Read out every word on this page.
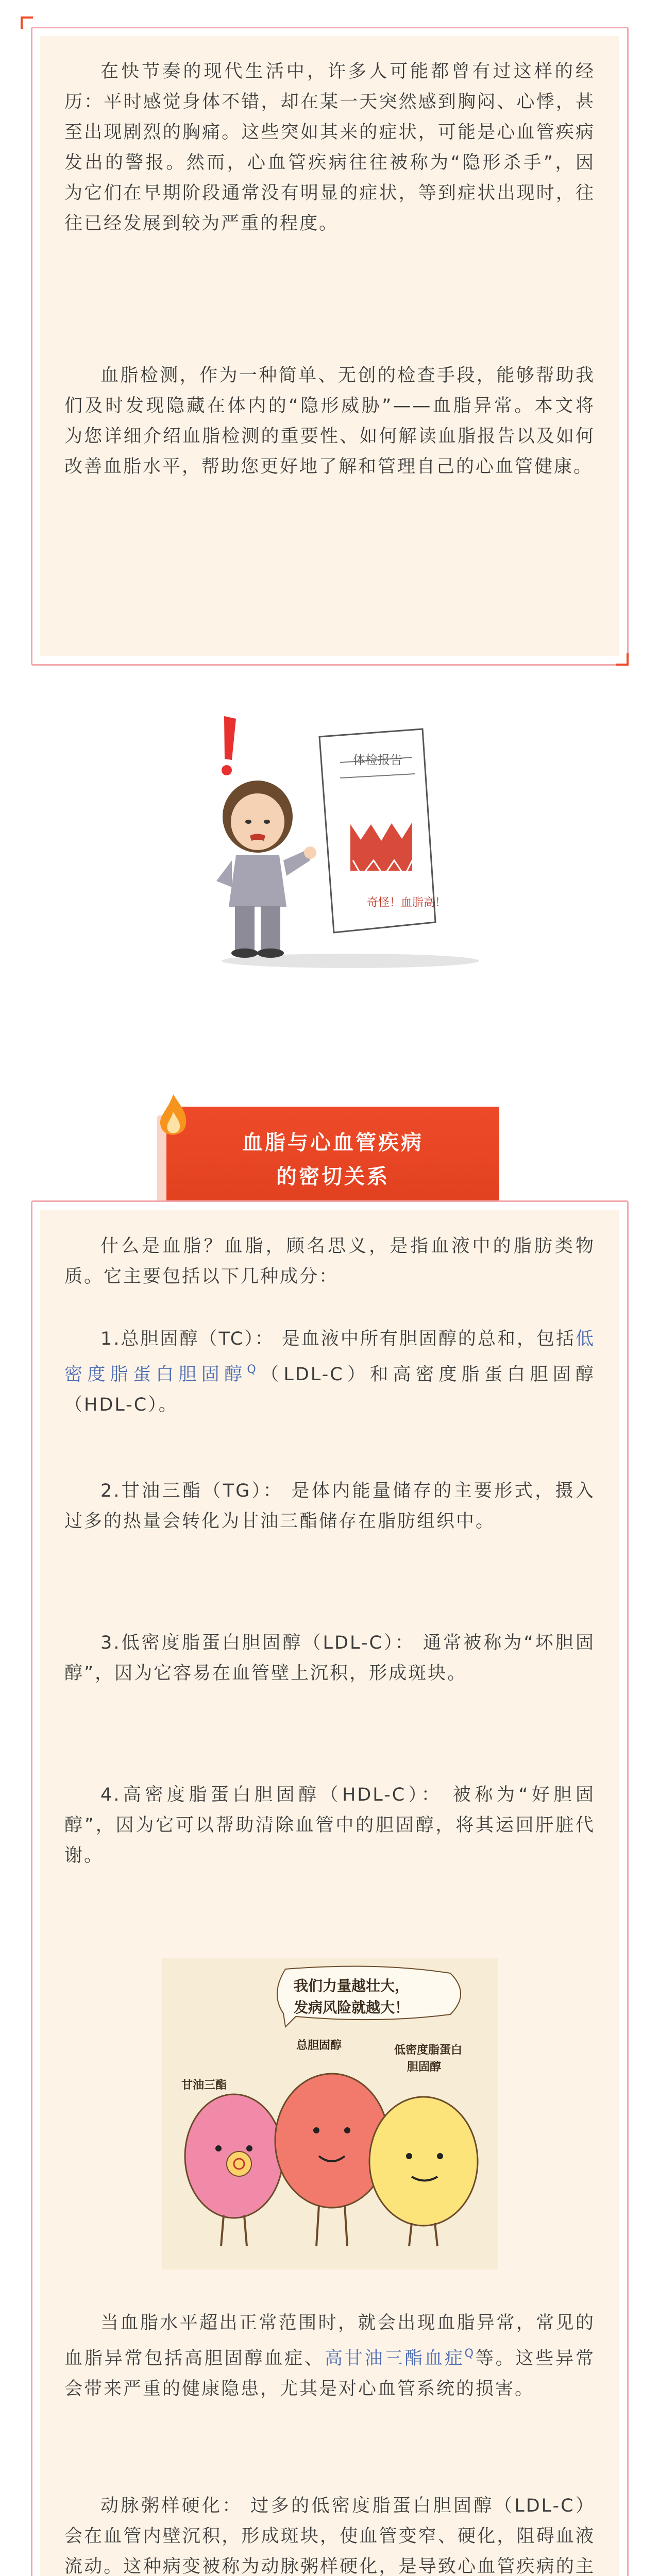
在快节奏的现代生活中，许多人可能都曾有过这样的经历：平时感觉身体不错，却在某一天突然感到胸闷、心悸，甚至出现剧烈的胸痛。这些突如其来的症状，可能是心血管疾病发出的警报。然而，心血管疾病往往被称为“隐形杀手”，因为它们在早期阶段通常没有明显的症状，等到症状出现时，往往已经发展到较为严重的程度。

血脂检测，作为一种简单、无创的检查手段，能够帮助我们及时发现隐藏在体内的“隐形威胁”——血脂异常。本文将为您详细介绍血脂检测的重要性、如何解读血脂报告以及如何改善血脂水平，帮助您更好地了解和管理自己的心血管健康。

体检报告
奇怪！血脂高！
血脂与心血管疾病
的密切关系

什么是血脂？血脂，顾名思义，是指血液中的脂肪类物质。它主要包括以下几种成分：

1.总胆固醇（TC）： 是血液中所有胆固醇的总和，包括低密度脂蛋白胆固醇$^Q$（LDL-C）和高密度脂蛋白胆固醇（HDL-C）。

2.甘油三酯（TG）： 是体内能量储存的主要形式，摄入过多的热量会转化为甘油三酯储存在脂肪组织中。

3.低密度脂蛋白胆固醇（LDL-C）： 通常被称为“坏胆固醇”，因为它容易在血管壁上沉积，形成斑块。

4.高密度脂蛋白胆固醇（HDL-C）： 被称为“好胆固醇”，因为它可以帮助清除血管中的胆固醇，将其运回肝脏代谢。

我们力量越壮大，
发病风险就越大！
甘油三酯
总胆固醇	低密度脂蛋白
胆固醇

当血脂水平超出正常范围时，就会出现血脂异常，常见的血脂异常包括高胆固醇血症、高甘油三酯血症$^Q$等。这些异常会带来严重的健康隐患，尤其是对心血管系统的损害。

动脉粥样硬化： 过多的低密度脂蛋白胆固醇（LDL-C）会在血管内壁沉积，形成斑块，使血管变窄、硬化，阻碍血液流动。这种病变被称为动脉粥样硬化，是导致心血管疾病的主
